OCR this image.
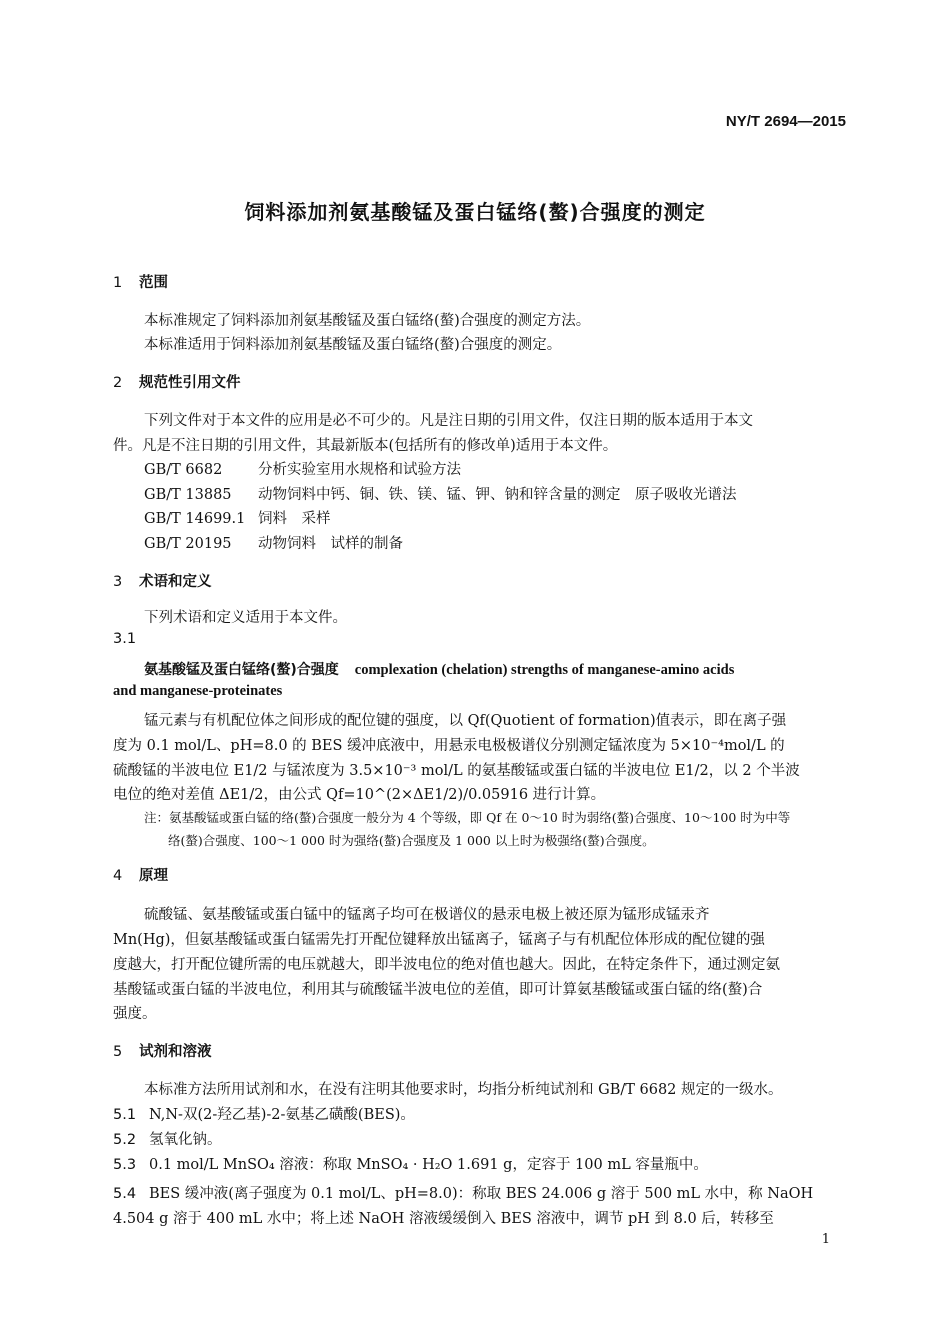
NY/T 2694—2015
饲料添加剂氨基酸锰及蛋白锰络(螯)合强度的测定
1 范围
本标准规定了饲料添加剂氨基酸锰及蛋白锰络(螯)合强度的测定方法。
本标准适用于饲料添加剂氨基酸锰及蛋白锰络(螯)合强度的测定。
2 规范性引用文件
下列文件对于本文件的应用是必不可少的。凡是注日期的引用文件，仅注日期的版本适用于本文
件。凡是不注日期的引用文件，其最新版本(包括所有的修改单)适用于本文件。
GB/T 6682 分析实验室用水规格和试验方法
GB/T 13885 动物饲料中钙、铜、铁、镁、锰、钾、钠和锌含量的测定　原子吸收光谱法
GB/T 14699.1 饲料　采样
GB/T 20195 动物饲料　试样的制备
3 术语和定义
下列术语和定义适用于本文件。
3.1
氨基酸锰及蛋白锰络(螯)合强度 complexation (chelation) strengths of manganese-amino acids
and manganese-proteinates
锰元素与有机配位体之间形成的配位键的强度，以 Qf(Quotient of formation)值表示，即在离子强
度为 0.1 mol/L、pH=8.0 的 BES 缓冲底液中，用悬汞电极极谱仪分别测定锰浓度为 5×10⁻⁴mol/L 的
硫酸锰的半波电位 E1/2 与锰浓度为 3.5×10⁻³ mol/L 的氨基酸锰或蛋白锰的半波电位 E1/2，以 2 个半波
电位的绝对差值 ΔE1/2，由公式 Qf=10^(2×ΔE1/2)/0.05916 进行计算。
注：氨基酸锰或蛋白锰的络(螯)合强度一般分为 4 个等级，即 Qf 在 0～10 时为弱络(螯)合强度、10～100 时为中等
络(螯)合强度、100～1 000 时为强络(螯)合强度及 1 000 以上时为极强络(螯)合强度。
4 原理
硫酸锰、氨基酸锰或蛋白锰中的锰离子均可在极谱仪的悬汞电极上被还原为锰形成锰汞齐
Mn(Hg)，但氨基酸锰或蛋白锰需先打开配位键释放出锰离子，锰离子与有机配位体形成的配位键的强
度越大，打开配位键所需的电压就越大，即半波电位的绝对值也越大。因此，在特定条件下，通过测定氨
基酸锰或蛋白锰的半波电位，利用其与硫酸锰半波电位的差值，即可计算氨基酸锰或蛋白锰的络(螯)合
强度。
5 试剂和溶液
本标准方法所用试剂和水，在没有注明其他要求时，均指分析纯试剂和 GB/T 6682 规定的一级水。
5.1 N,N-双(2-羟乙基)-2-氨基乙磺酸(BES)。
5.2 氢氧化钠。
5.3 0.1 mol/L MnSO₄ 溶液：称取 MnSO₄ · H₂O 1.691 g，定容于 100 mL 容量瓶中。
5.4 BES 缓冲液(离子强度为 0.1 mol/L、pH=8.0)：称取 BES 24.006 g 溶于 500 mL 水中，称 NaOH
4.504 g 溶于 400 mL 水中；将上述 NaOH 溶液缓缓倒入 BES 溶液中，调节 pH 到 8.0 后，转移至
1
